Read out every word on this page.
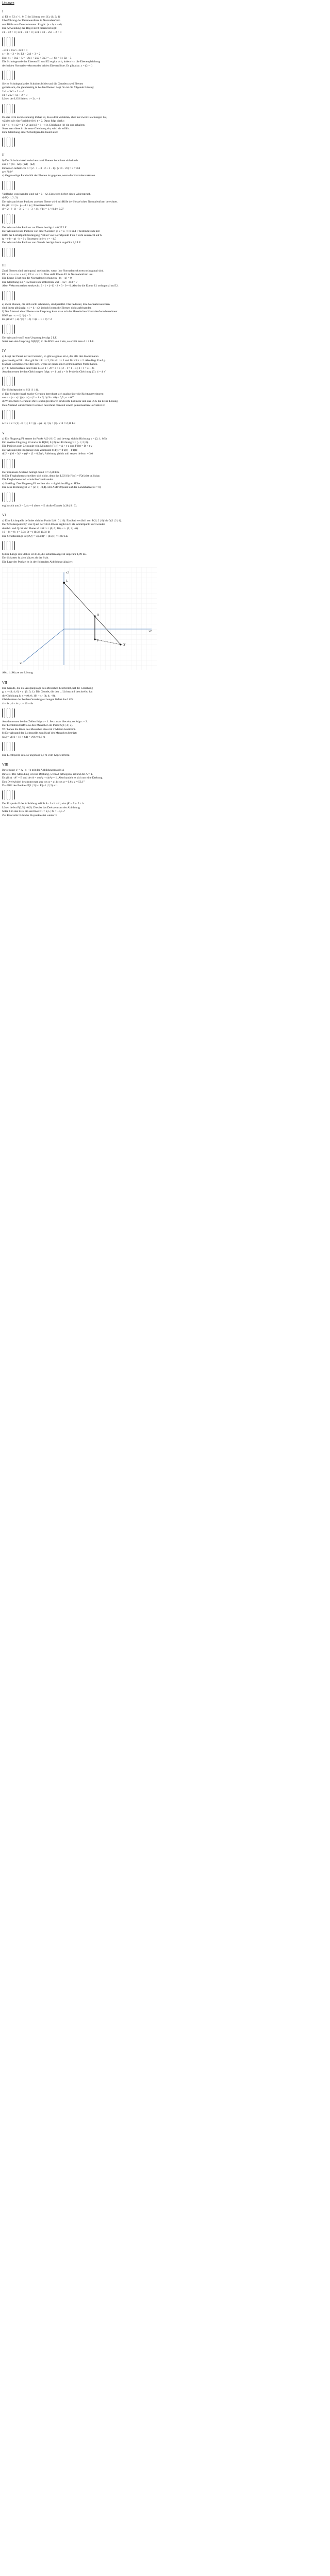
Lösungen
I
a) E1 ∩ E2: (−1; 0; 3) ist Lösung von (1), (1; 2; 1)
Überführung der Parameterform in Normalenform
und Bilde von Determinanten: Es gilt: (a − b, c − d)
Die Anwendung der Regel steht hierzu befolgt:
x1 − x2 = 0 ; 3x1 − x3 = 0 ; 2x1 + x3 − 2x1 + 2 = 0

−3x1 + 8x2 + 2x3 = 0
x + 3x + 2 = 0 ; E3 − 2x1 + 3 = 2
Dut: x1 + 3x2 + 5 = −2x1 + 2x2 + 3x3 = ... ; Sb = 1 ; Ez − 3
Die Schnittgerade der Ebenen E1 und E2 ergibt sich, indem ich die Ebenengleichung
der beiden Normalenvektoren der beiden Ebenen löste. Es gilt also: x = (2 − t)

Sie ist Schnittpunkt des Schnittes bildet und die Geraden zwei Ebenen
gemeinsam, die gleichzeitig in beiden Ebenen liegt. So ist die folgende Lösung:
2x1 − 3x2 + 2 = −2
x1 + 2x2 + x3 + 2 = 0
Lösen der LGS liefert: t = 2x − 4

Da das LGS nicht eindeutig lösbar ist, da es drei Variablen, aber nur zwei Gleichungen hat,
wählen wir eine Variable frei: t = 2. Dann folgt direkt:
x1 = 4 + t ; x2 = 1 + 2t und x3 = 1 + t in Gleichung (1) ein und erhalten:
Setzt man diese in die erste Gleichung ein, wird sie erfüllt.
Eine Gleichung einer Schnittgeraden lautet also:

II
b) Der Schnittwinkel zwischen zwei Ebenen berechnet sich durch:
cos α = |n1 · n2| / (|n1| · |n2|)
Einsetzen liefert: cos α = |2 · 1 − 3 · 2 + 1 · 1| / (√14 · √6) = 3 / √84
α ≈ 70,9°
c) Gegenseitige Parallelität der Ebenen ist gegeben, wenn die Normalenvektoren

Vielfache voneinander sind: n1 = λ · n2. Einsetzen liefert einen Widerspruch.
d) P(−1; 2; 3)
Der Abstand eines Punktes zu einer Ebene wird mit Hilfe der Hesse'schen Normalenform berechnet.
Es gilt: d = |n · p − d| / |n| ; Einsetzen liefert:
d = |2 · (−1) − 3 · 2 + 1 · 3 + 4| / √14 = 1 / √14 ≈ 0,27

Der Abstand des Punktes zur Ebene beträgt d ≈ 0,27 LE
Der Abstand eines Punktes von einer Geraden g: x = a + t·b und P bestimmt sich mit
Hilfe der Lotfußpunktbedingung: Vektor von Lotfußpunkt F zu P steht senkrecht auf b.
(a + t·b − p) · b = 0 ; Einsetzen liefert: t = −1,5
Der Abstand des Punktes von Gerade beträgt damit ungefähr 3,3 LE

III
Zwei Ebenen sind orthogonal zueinander, wenn ihre Normalenvektoren orthogonal sind.
E1: x = a + r·u + s·v ; E2: n · x = d. Man stellt Ebene E1 in Normalenform um:
Die Ebene E hat nun die Normalengleichung: n · (x − p) = 0
Die Gleichung E1 ∩ E2 lässt sich umformen: 2x1 − x2 + 3x3 = 7
Also: Vektoren stehen senkrecht: 2 · 1 + (−1) · 2 + 3 · 0 = 0. Also ist die Ebene E1 orthogonal zu E2.

e) Zwei Ebenen, die sich nicht schneiden, sind parallel. Das bedeutet, ihre Normalenvektoren
sind linear abhängig: n1 = k · n2, jedoch liegen die Ebenen nicht aufeinander.
f) Der Abstand einer Ebene vom Ursprung kann man mit der Hesse'schen Normalenform berechnen:
HNF: (n · x − d) / |n| = 0
Es gilt d = |−d| / |n| = |−6| / √(4 + 1 + 4) = 2

Der Abstand von E zum Ursprung beträgt 2 LE.
Setzt man den Ursprung O(0|0|0) in die HNF von E ein, so erhält man d = 2 LE.
IV
a) Liegt der Punkt auf der Geraden, so gibt es genau ein t, das alle drei Koordinaten
gleichzeitig erfüllt. Hier gilt für x1: t = 2, für x2: t = 2 und für x3: t = 2. Also liegt P auf g.
b) Zwei Geraden schneiden sich, wenn sie genau einen gemeinsamen Punkt haben.
g ∩ h: Gleichsetzen liefert das LGS: 1 + 2t = 3 + s ; 2 − t = 1 + s ; 3 + t = 4 + 2s
Aus den ersten beiden Gleichungen folgt: t = 1 und s = 0. Probe in Gleichung (3): 4 = 4 ✓

Der Schnittpunkt ist S(3 | 1 | 4).
c) Der Schnittwinkel zweier Geraden berechnet sich analog über die Richtungsvektoren:
cos α = |u · v| / (|u| · |v|) = |2 − 1 + 2| / (√6 · √6) = 0,5 ; α = 60°
d) Windschiefe Geraden: Die Richtungsvektoren sind nicht kollinear und das LGS hat keine Lösung.
Den Abstand windschiefer Geraden berechnet man mit einem gemeinsamen Lotvektor n:

n = u × v = (1; −3; 1) ; d = |(q − p) · n| / |n| = |7| / √11 ≈ 2,11 LE
V
a) Ein Flugzeug F1 startet im Punkt A(0 | 0 | 0) und bewegt sich in Richtung u = (2; 1; 0,5).
Ein zweites Flugzeug F2 startet in B(10 | 0 | 2) mit Richtung v = (−1; 2; 0).
Die Position zum Zeitpunkt t (in Minuten): F1(t) = A + t·u und F2(t) = B + t·v
Der Abstand der Flugzeuge zum Zeitpunkt t: d(t) = |F2(t) − F1(t)|
d(t)² = (10 − 3t)² + (t)² + (2 − 0,5t)² ; Ableitung gleich null setzen liefert t ≈ 3,0

Der minimale Abstand beträgt damit d ≈ 2,28 km.
b) Die Flugbahnen schneiden sich nicht, denn das LGS für F1(r) = F2(s) ist unlösbar.
Die Flugbahnen sind windschief zueinander.
c) Sinkflug: Das Flugzeug F1 verliert ab t = 4 gleichmäßig an Höhe.
Die neue Richtung ist w = (2; 1; −0,4). Der Auftreffpunkt auf der Landebahn (x3 = 0)

ergibt sich aus 2 − 0,4s = 0 also s = 5. Auftreffpunkt L(18 | 9 | 0).
VI
a) Eine Lichtquelle befindet sich im Punkt L(0 | 0 | 10). Ein Stab verläuft von P(2 | 2 | 0) bis Q(2 | 2 | 4).
Der Schattenpunkt Q' von Q auf der x1x2-Ebene ergibt sich als Schnittpunkt der Geraden
durch L und Q mit der Ebene x3 = 0: x = (0; 0; 10) + t · (2; 2; −6)
10 − 6t = 0 ; t = 5/3 ; Q' = (10/3 | 10/3 | 0)
Die Schattenlänge ist |PQ'| = √((4/3)² + (4/3)²) ≈ 1,89 LE.

b) Die Länge des Stabes ist 4 LE, die Schattenlänge ist ungefähr 1,89 LE.
Der Schatten ist also kürzer als der Stab.
Die Lage der Punkte ist in der folgenden Abbildung skizziert:
L
P
Q
Q'
x1
x2
x3
Abb. 1: Skizze zur Lösung
VII
Die Gerade, die die Ausgangslage des Menschen beschreibt, hat die Gleichung
g: x = (4; 4; 0) + t · (0; 0; 1). Die Gerade, die den ... Lichtstrahl beschreibt, hat
die Gleichung h: x = (0; 0; 10) + s · (4; 4; −8).
Gleichsetzen der beiden Geradengleichungen liefert das LGS:
4 = 4s ; 4 = 4s ; t = 10 − 8s

Aus den ersten beiden Zeilen folgt s = 1. Setzt man dies ein, so folgt t = 2.
Der Lichtstrahl trifft also den Menschen im Punkt S(4 | 4 | 2).
Wir haben die Höhe des Menschen also mit 2 Metern bestimmt.
b) Der Abstand der Lichtquelle zum Kopf des Menschen beträgt:
|LS| = √(16 + 16 + 64) = √96 ≈ 9,8 m

Die Lichtquelle ist also ungefähr 9,8 m vom Kopf entfernt.
VIII
Bewegung: x' = A · x + b mit der Abbildungsmatrix A
Beweis: Die Abbildung ist eine Drehung, wenn A orthogonal ist und det A = 1.
Es gilt A · Aᵀ = E und det A = cos²φ + sin²φ = 1. Also handelt es sich um eine Drehung.
Den Drehwinkel bestimmt man aus cos φ = a11: cos φ = 0,6 ; φ ≈ 53,1°
Das Bild des Punktes P(1 | 2) ist P'(−1 | 2,2) + b.

Der Fixpunkt F der Abbildung erfüllt A · f + b = f ; also (E − A) · f = b
Lösen liefert F(2,5 | −0,5). Dies ist das Drehzentrum der Abbildung.
Setze b in das LGS ein und löse: f1 = 2,5 ; f2 = −0,5 ✓
Zur Kontrolle: Bild des Fixpunktes ist wieder F.
